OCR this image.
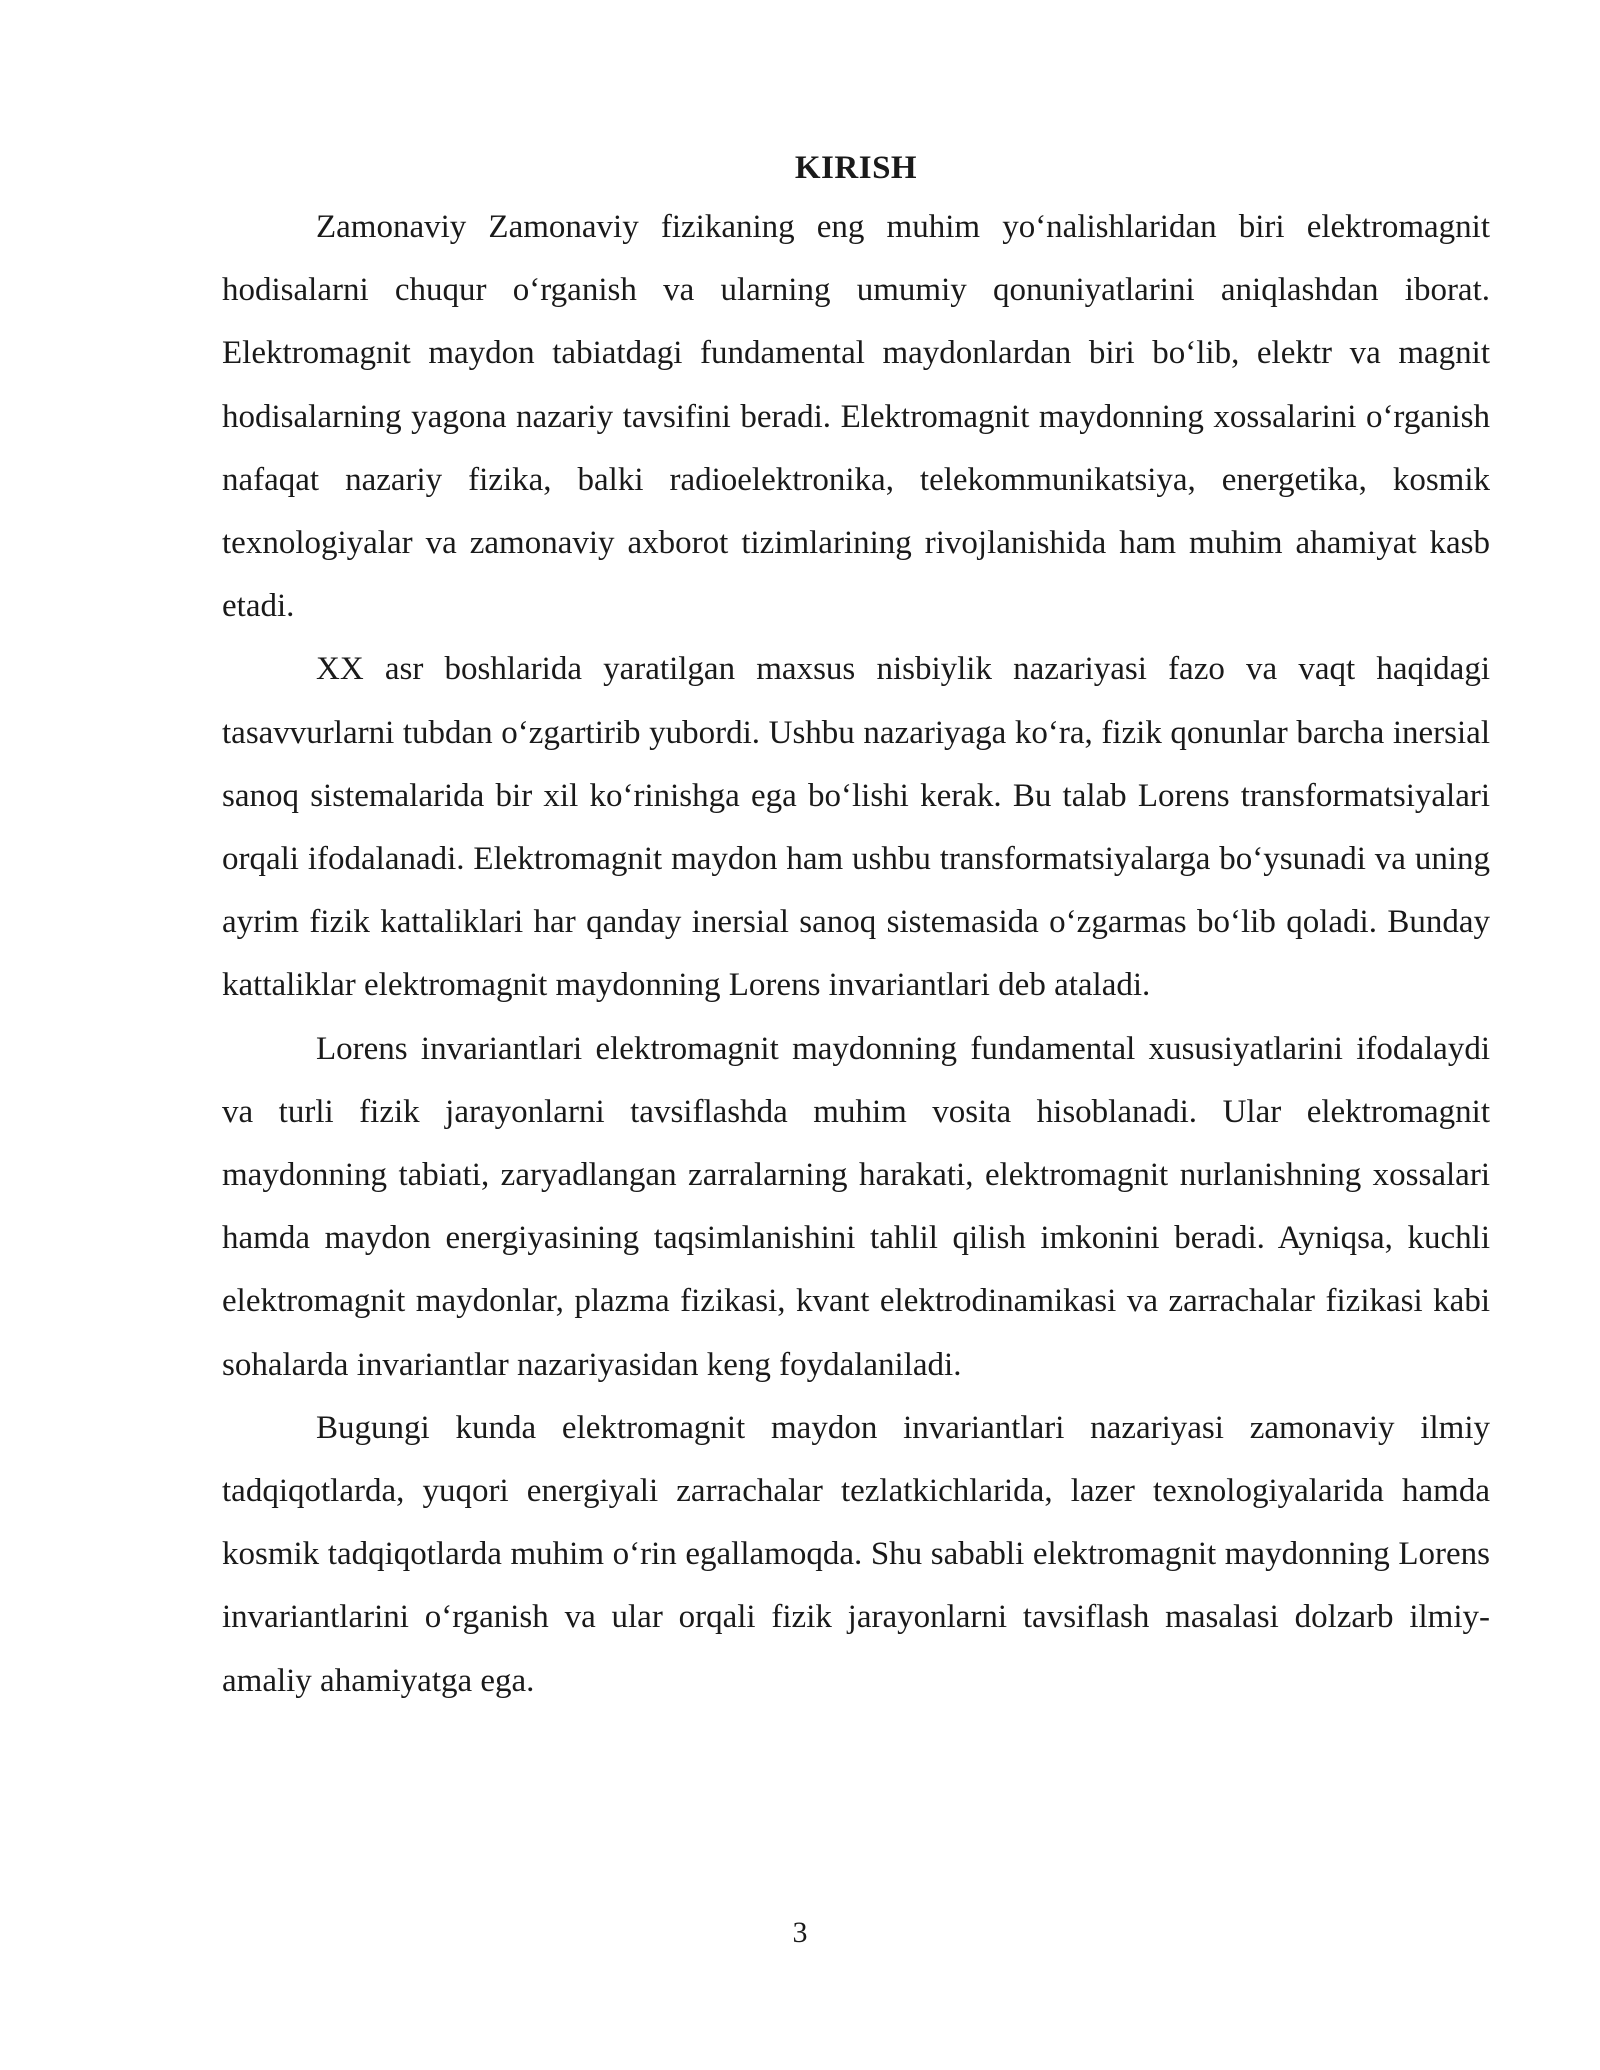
KIRISH

Zamonaviy Zamonaviy fizikaning eng muhim yo‘nalishlaridan biri elektromagnit hodisalarni chuqur o‘rganish va ularning umumiy qonuniyatlarini aniqlashdan iborat. Elektromagnit maydon tabiatdagi fundamental maydonlardan biri bo‘lib, elektr va magnit hodisalarning yagona nazariy tavsifini beradi. Elektromagnit maydonning xossalarini o‘rganish nafaqat nazariy fizika, balki radioelektronika, telekommunikatsiya, energetika, kosmik texnologiyalar va zamonaviy axborot tizimlarining rivojlanishida ham muhim ahamiyat kasb etadi.

XX asr boshlarida yaratilgan maxsus nisbiylik nazariyasi fazo va vaqt haqidagi tasavvurlarni tubdan o‘zgartirib yubordi. Ushbu nazariyaga ko‘ra, fizik qonunlar barcha inersial sanoq sistemalarida bir xil ko‘rinishga ega bo‘lishi kerak. Bu talab Lorens transformatsiyalari orqali ifodalanadi. Elektromagnit maydon ham ushbu transformatsiyalarga bo‘ysunadi va uning ayrim fizik kattaliklari har qanday inersial sanoq sistemasida o‘zgarmas bo‘lib qoladi. Bunday kattaliklar elektromagnit maydonning Lorens invariantlari deb ataladi.

Lorens invariantlari elektromagnit maydonning fundamental xususiyatlarini ifodalaydi va turli fizik jarayonlarni tavsiflashda muhim vosita hisoblanadi. Ular elektromagnit maydonning tabiati, zaryadlangan zarralarning harakati, elektromagnit nurlanishning xossalari hamda maydon energiyasining taqsimlanishini tahlil qilish imkonini beradi. Ayniqsa, kuchli elektromagnit maydonlar, plazma fizikasi, kvant elektrodinamikasi va zarrachalar fizikasi kabi sohalarda invariantlar nazariyasidan keng foydalaniladi.

Bugungi kunda elektromagnit maydon invariantlari nazariyasi zamonaviy ilmiy tadqiqotlarda, yuqori energiyali zarrachalar tezlatkichlarida, lazer texnologiyalarida hamda kosmik tadqiqotlarda muhim o‘rin egallamoqda. Shu sababli elektromagnit maydonning Lorens invariantlarini o‘rganish va ular orqali fizik jarayonlarni tavsiflash masalasi dolzarb ilmiy-amaliy ahamiyatga ega.

3
